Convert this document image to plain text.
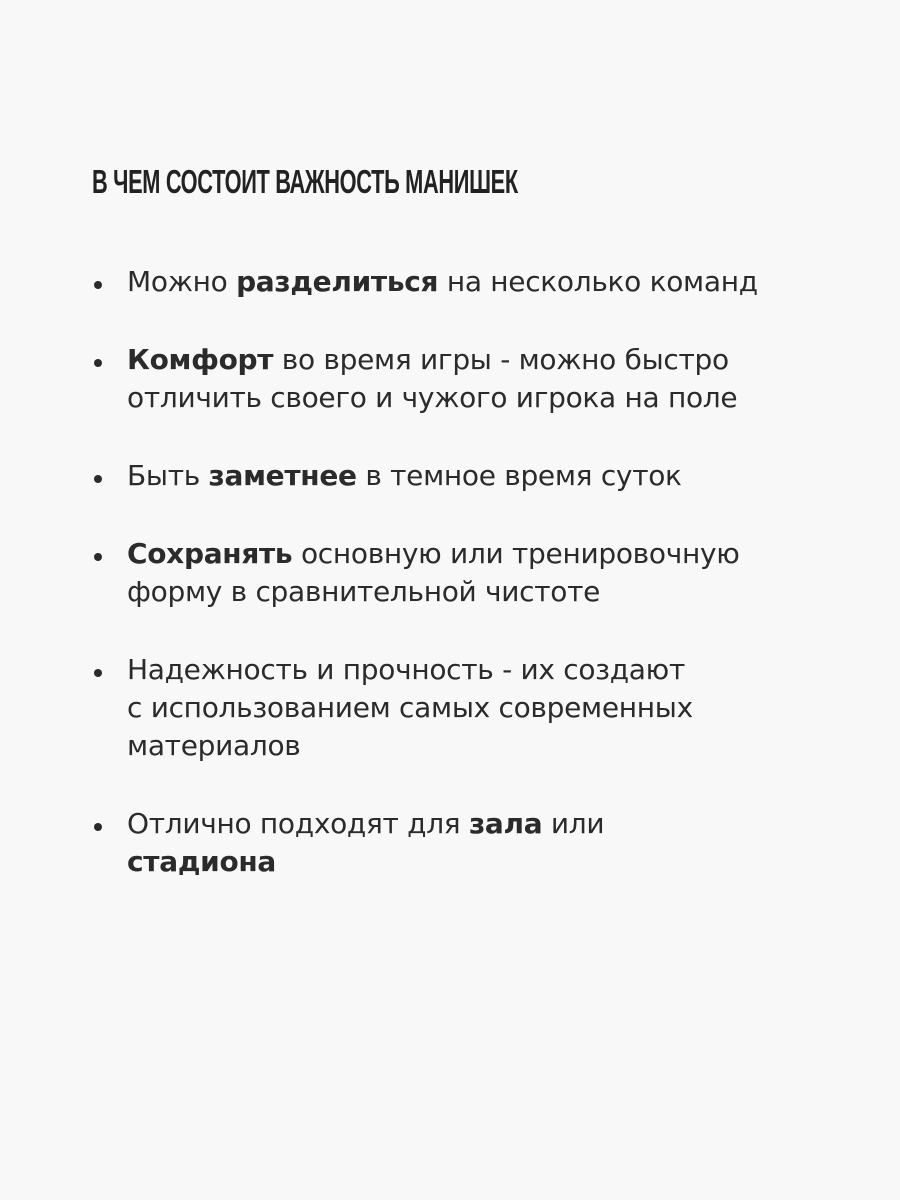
В ЧЕМ СОСТОИТ ВАЖНОСТЬ МАНИШЕК
Можно разделиться на несколько команд
Комфорт во время игры - можно быстро
отличить своего и чужого игрока на поле
Быть заметнее в темное время суток
Сохранять основную или тренировочную
форму в сравнительной чистоте
Надежность и прочность - их создают
с использованием самых современных
материалов
Отлично подходят для зала или
стадиона
